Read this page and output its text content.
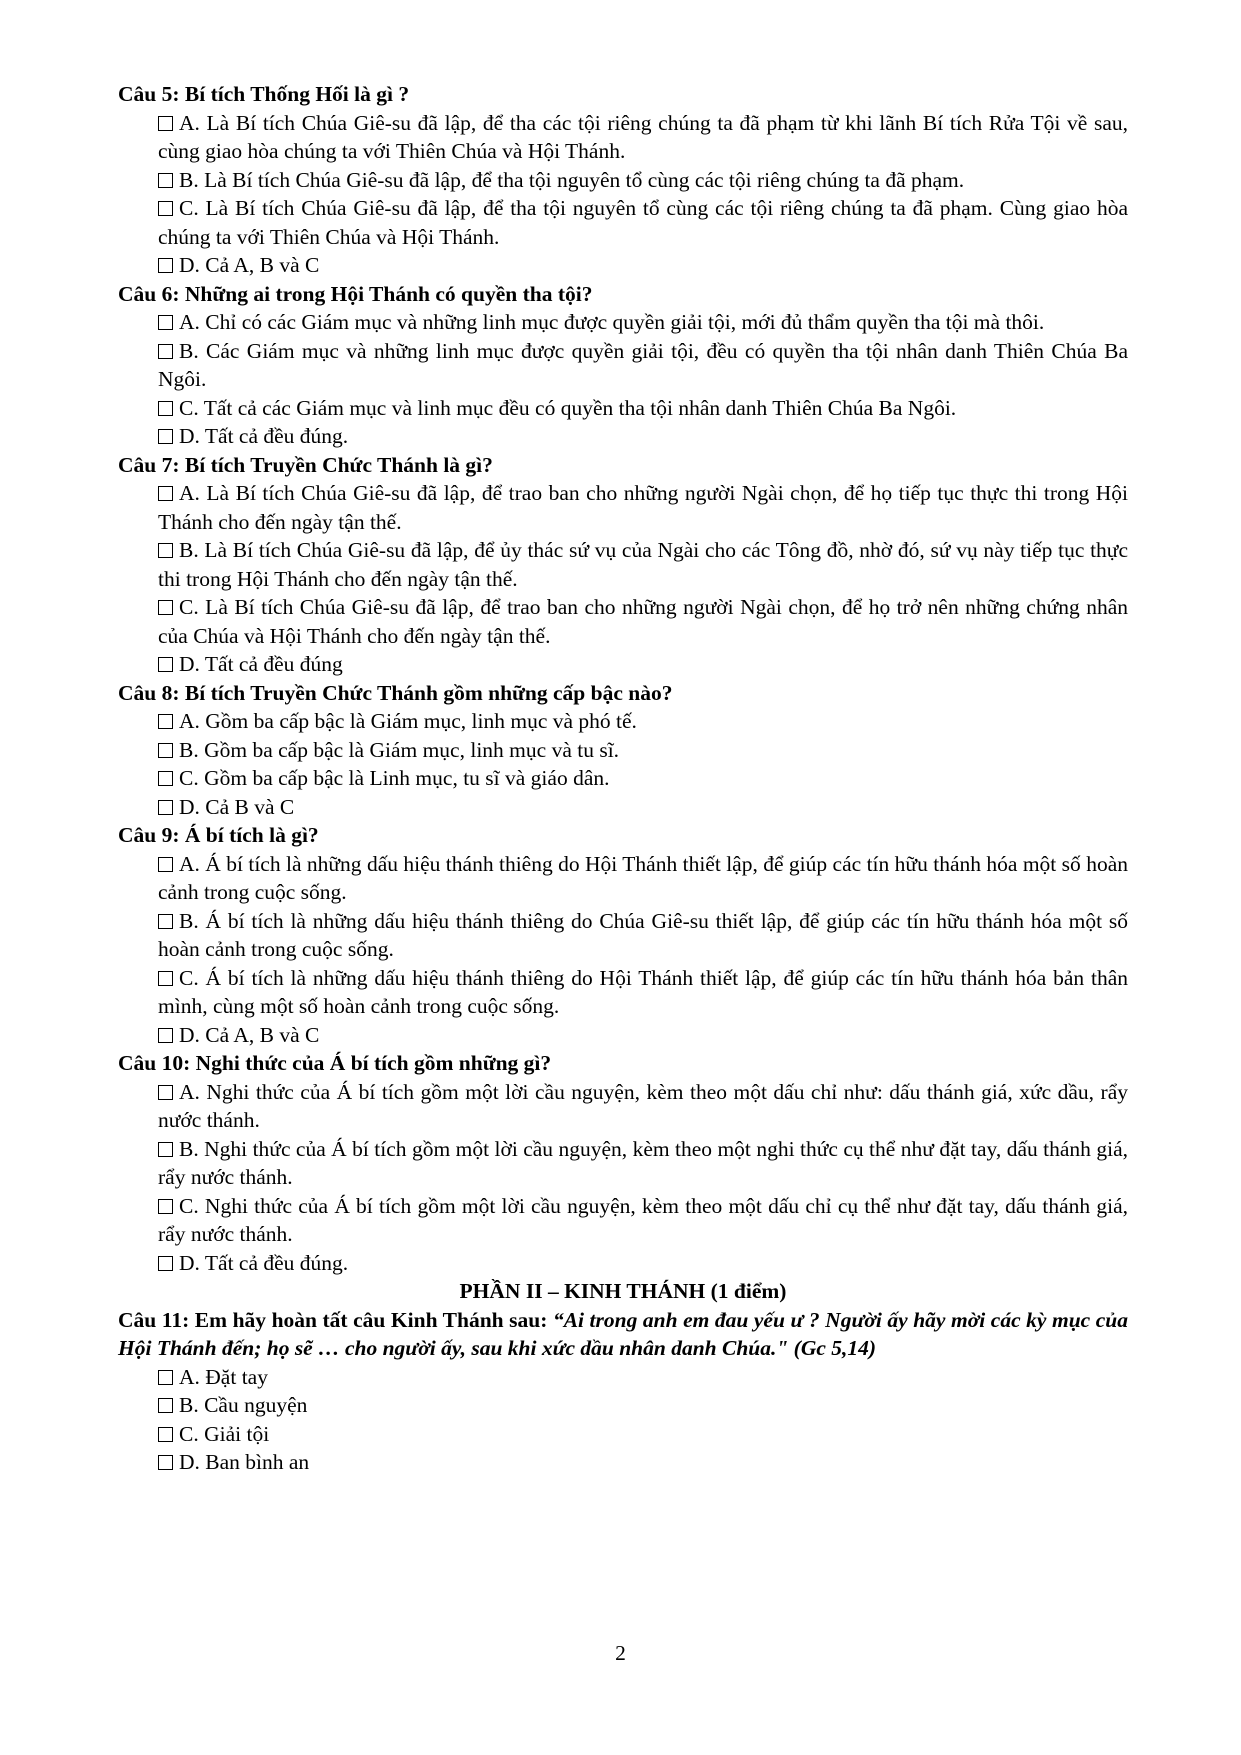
Câu 5: Bí tích Thống Hối là gì ?

A. Là Bí tích Chúa Giê-su đã lập, để tha các tội riêng chúng ta đã phạm từ khi lãnh Bí tích Rửa Tội về sau, cùng giao hòa chúng ta với Thiên Chúa và Hội Thánh.

B. Là Bí tích Chúa Giê-su đã lập, để tha tội nguyên tổ cùng các tội riêng chúng ta đã phạm.

C. Là Bí tích Chúa Giê-su đã lập, để tha tội nguyên tổ cùng các tội riêng chúng ta đã phạm. Cùng giao hòa chúng ta với Thiên Chúa và Hội Thánh.

D. Cả A, B và C

Câu 6: Những ai trong Hội Thánh có quyền tha tội?

A. Chỉ có các Giám mục và những linh mục được quyền giải tội, mới đủ thẩm quyền tha tội mà thôi.

B. Các Giám mục và những linh mục được quyền giải tội, đều có quyền tha tội nhân danh Thiên Chúa Ba Ngôi.

C. Tất cả các Giám mục và linh mục đều có quyền tha tội nhân danh Thiên Chúa Ba Ngôi.

D. Tất cả đều đúng.

Câu 7: Bí tích Truyền Chức Thánh là gì?

A. Là Bí tích Chúa Giê-su đã lập, để trao ban cho những người Ngài chọn, để họ tiếp tục thực thi trong Hội Thánh cho đến ngày tận thế.

B. Là Bí tích Chúa Giê-su đã lập, để ủy thác sứ vụ của Ngài cho các Tông đồ, nhờ đó, sứ vụ này tiếp tục thực thi trong Hội Thánh cho đến ngày tận thế.

C. Là Bí tích Chúa Giê-su đã lập, để trao ban cho những người Ngài chọn, để họ trở nên những chứng nhân của Chúa và Hội Thánh cho đến ngày tận thế.

D. Tất cả đều đúng

Câu 8: Bí tích Truyền Chức Thánh gồm những cấp bậc nào?

A. Gồm ba cấp bậc là Giám mục, linh mục và phó tế.

B. Gồm ba cấp bậc là Giám mục, linh mục và tu sĩ.

C. Gồm ba cấp bậc là Linh mục, tu sĩ và giáo dân.

D. Cả B và C

Câu 9: Á bí tích là gì?

A. Á bí tích là những dấu hiệu thánh thiêng do Hội Thánh thiết lập, để giúp các tín hữu thánh hóa một số hoàn cảnh trong cuộc sống.

B. Á bí tích là những dấu hiệu thánh thiêng do Chúa Giê-su thiết lập, để giúp các tín hữu thánh hóa một số hoàn cảnh trong cuộc sống.

C. Á bí tích là những dấu hiệu thánh thiêng do Hội Thánh thiết lập, để giúp các tín hữu thánh hóa bản thân mình, cùng một số hoàn cảnh trong cuộc sống.

D. Cả A, B và C

Câu 10: Nghi thức của Á bí tích gồm những gì?

A. Nghi thức của Á bí tích gồm một lời cầu nguyện, kèm theo một dấu chỉ như: dấu thánh giá, xức dầu, rẩy nước thánh.

B. Nghi thức của Á bí tích gồm một lời cầu nguyện, kèm theo một nghi thức cụ thể như đặt tay, dấu thánh giá, rẩy nước thánh.

C. Nghi thức của Á bí tích gồm một lời cầu nguyện, kèm theo một dấu chỉ cụ thể như đặt tay, dấu thánh giá, rẩy nước thánh.

D. Tất cả đều đúng.

PHẦN II – KINH THÁNH (1 điểm)

Câu 11: Em hãy hoàn tất câu Kinh Thánh sau: “Ai trong anh em đau yếu ư ? Người ấy hãy mời các kỳ mục của Hội Thánh đến; họ sẽ … cho người ấy, sau khi xức dầu nhân danh Chúa." (Gc 5,14)

A. Đặt tay

B. Cầu nguyện

C. Giải tội

D. Ban bình an

2
